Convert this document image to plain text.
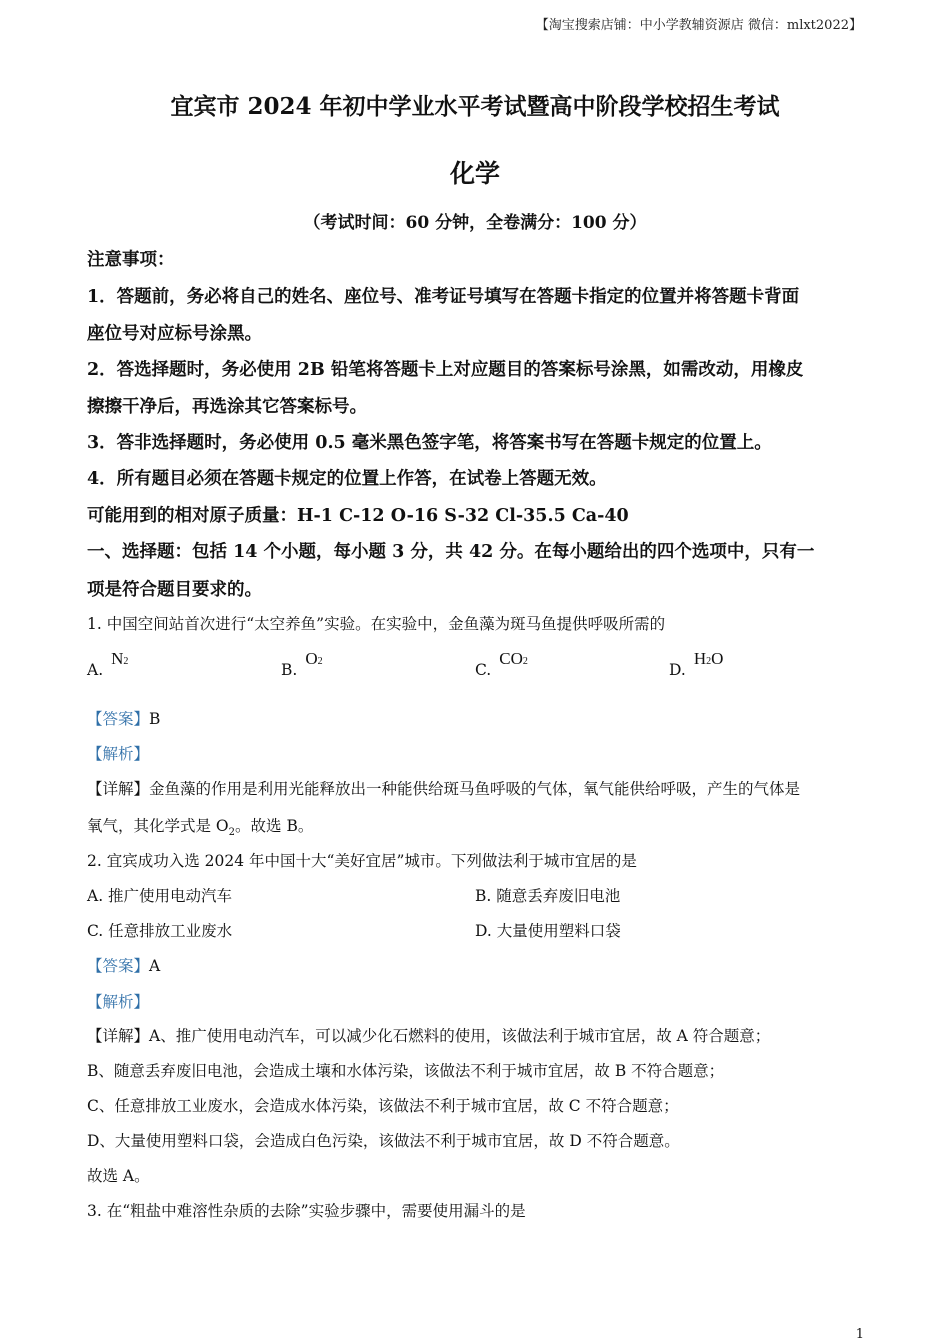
【淘宝搜索店铺：中小学教辅资源店 微信：mlxt2022】
宜宾市 2024 年初中学业水平考试暨高中阶段学校招生考试
化学
（考试时间：60 分钟，全卷满分：100 分）
注意事项：
1．答题前，务必将自己的姓名、座位号、准考证号填写在答题卡指定的位置并将答题卡背面
座位号对应标号涂黑。
2．答选择题时，务必使用 2B 铅笔将答题卡上对应题目的答案标号涂黑，如需改动，用橡皮
擦擦干净后，再选涂其它答案标号。
3．答非选择题时，务必使用 0.5 毫米黑色签字笔，将答案书写在答题卡规定的位置上。
4．所有题目必须在答题卡规定的位置上作答，在试卷上答题无效。
可能用到的相对原子质量：H-1 C-12 O-16 S-32 Cl-35.5 Ca-40
一、选择题：包括 14 个小题，每小题 3 分，共 42 分。在每小题给出的四个选项中，只有一
项是符合题目要求的。
1. 中国空间站首次进行“太空养鱼”实验。在实验中，金鱼藻为斑马鱼提供呼吸所需的
A.N2	B.O2	C.CO2	D.H2O
【答案】B
【解析】
【详解】金鱼藻的作用是利用光能释放出一种能供给斑马鱼呼吸的气体，氧气能供给呼吸，产生的气体是
氧气，其化学式是 $O_2$。故选 B。
2. 宜宾成功入选 2024 年中国十大“美好宜居”城市。下列做法利于城市宜居的是
A. 推广使用电动汽车	B. 随意丢弃废旧电池
C. 任意排放工业废水	D. 大量使用塑料口袋
【答案】A
【解析】
【详解】A、推广使用电动汽车，可以减少化石燃料的使用，该做法利于城市宜居，故 A 符合题意；
B、随意丢弃废旧电池，会造成土壤和水体污染，该做法不利于城市宜居，故 B 不符合题意；
C、任意排放工业废水，会造成水体污染，该做法不利于城市宜居，故 C 不符合题意；
D、大量使用塑料口袋，会造成白色污染，该做法不利于城市宜居，故 D 不符合题意。
故选 A。
3. 在“粗盐中难溶性杂质的去除”实验步骤中，需要使用漏斗的是
1
